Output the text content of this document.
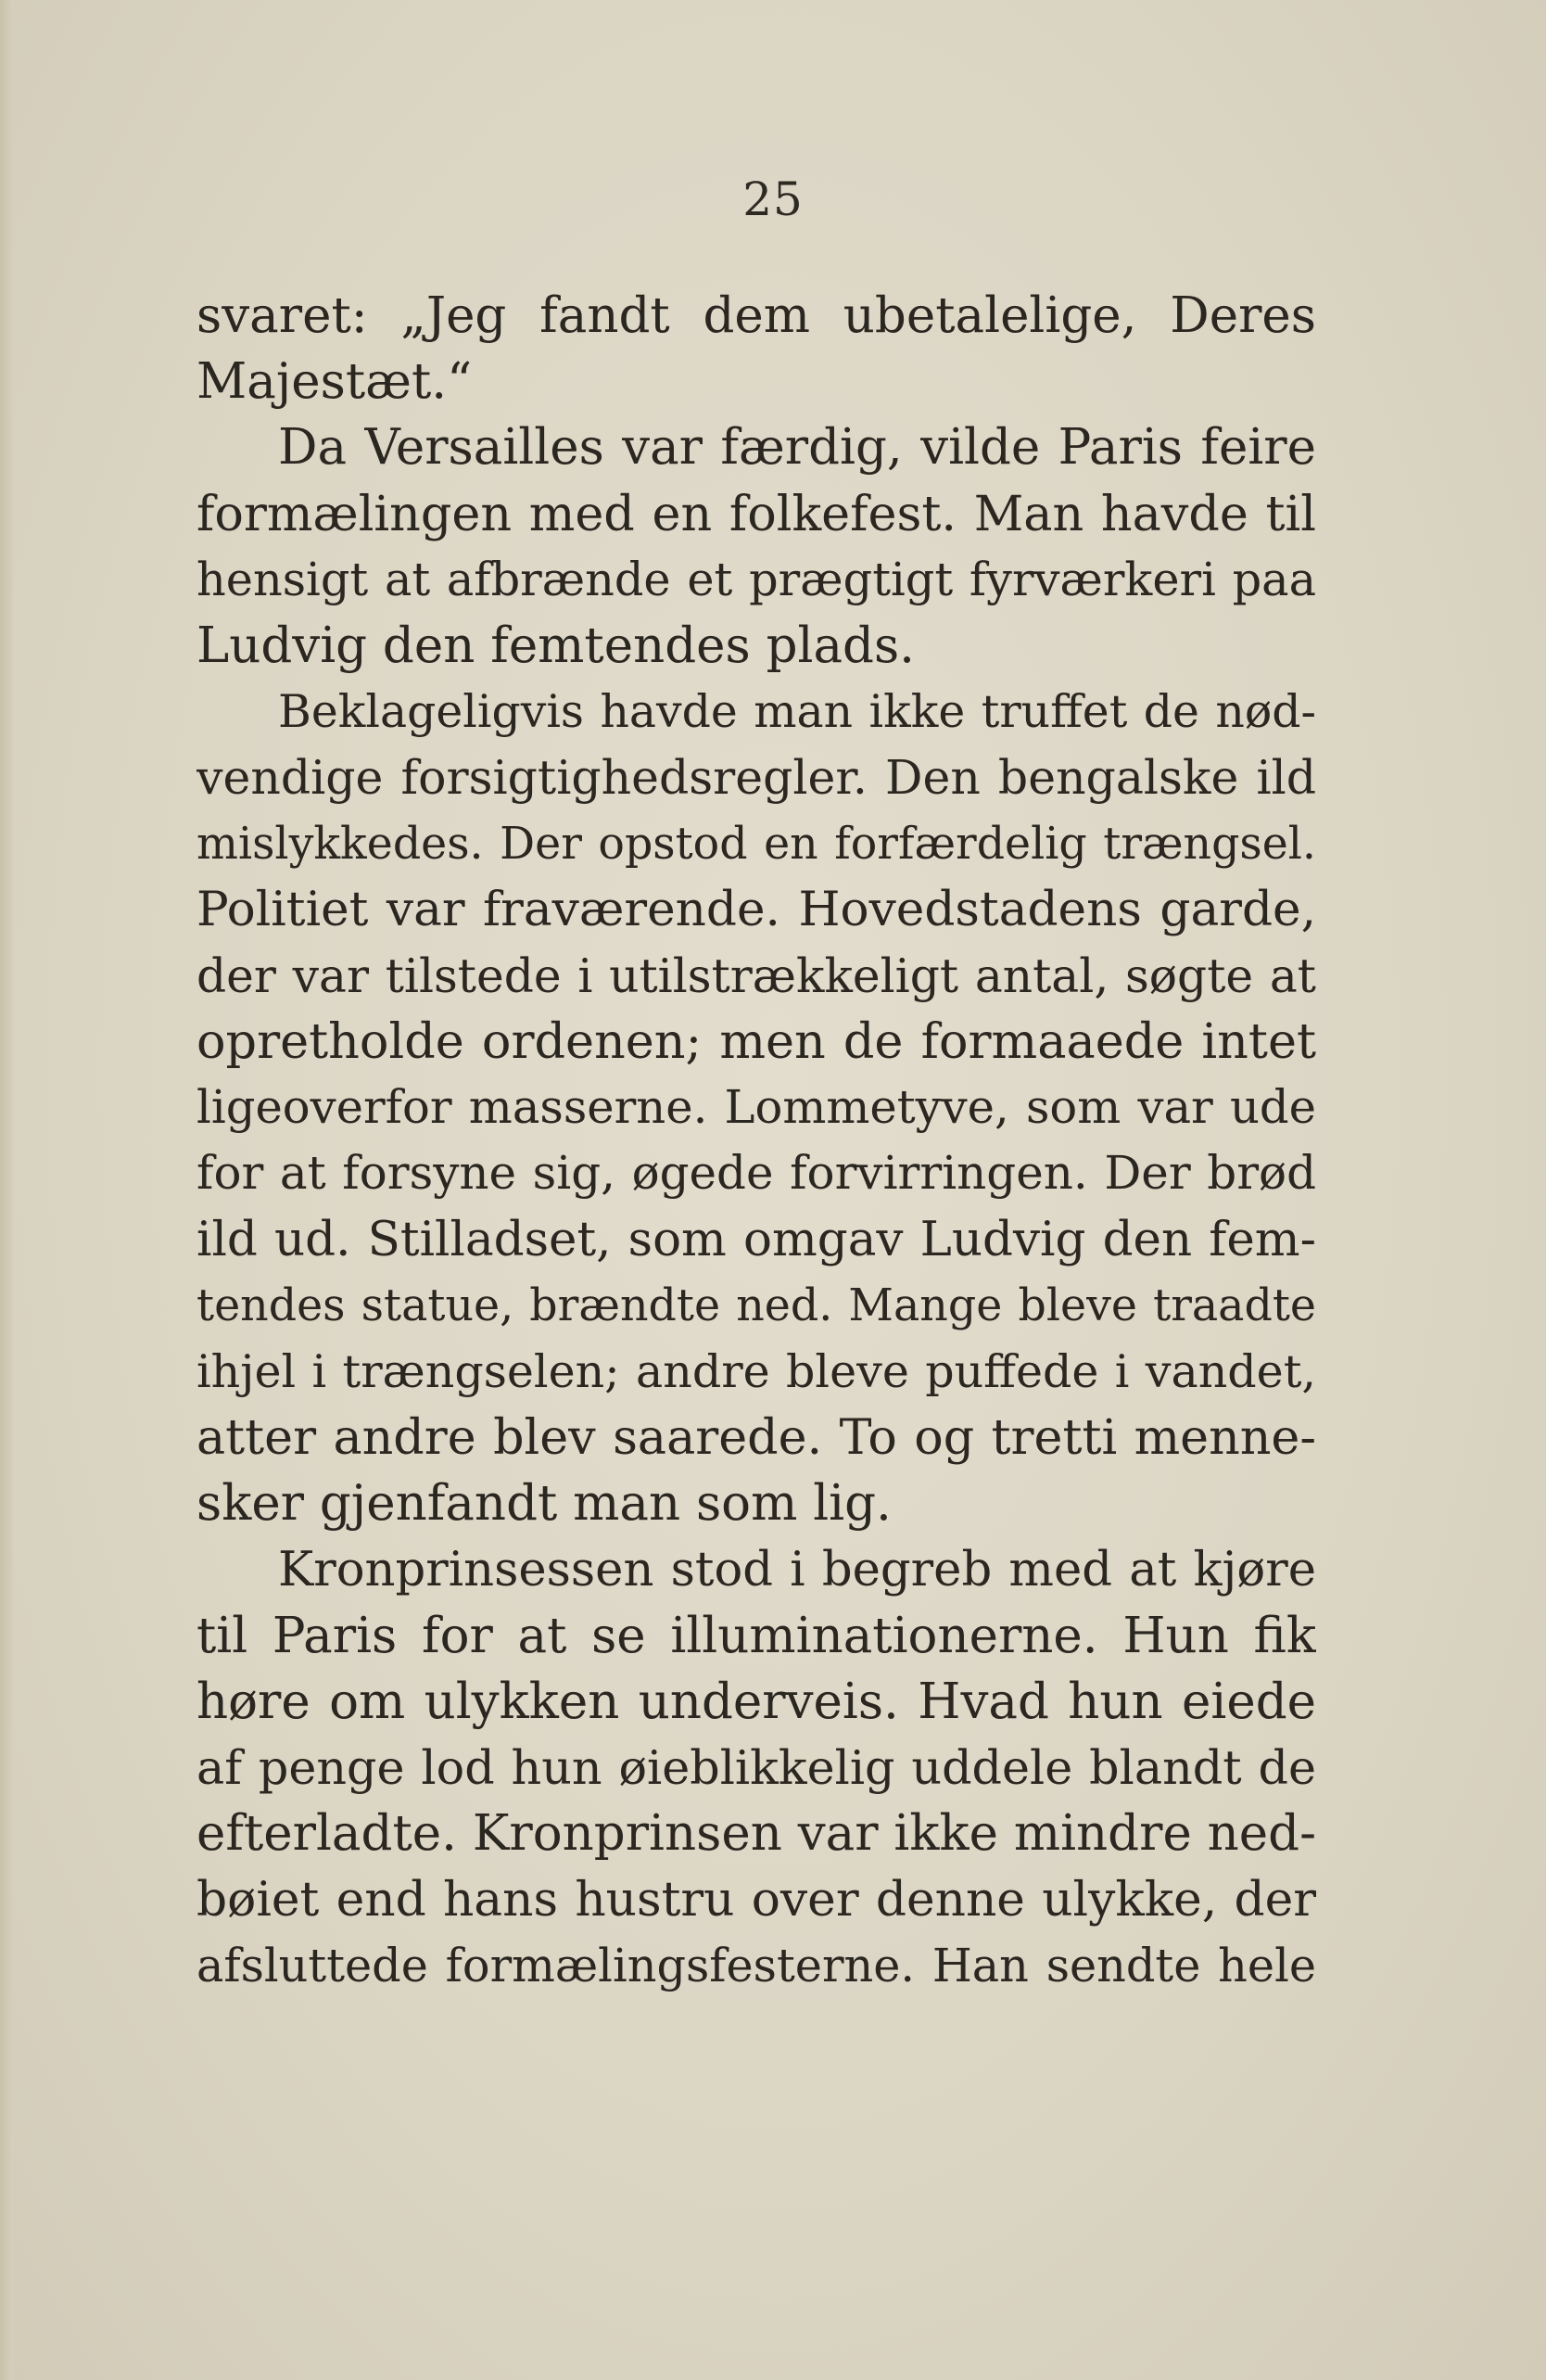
25
svaret: „Jeg fandt dem ubetalelige, Deres
Majestæt.“
Da Versailles var færdig, vilde Paris feire
formælingen med en folkefest. Man havde til
hensigt at afbrænde et prægtigt fyrværkeri paa
Ludvig den femtendes plads.
Beklageligvis havde man ikke truffet de nød-
vendige forsigtighedsregler. Den bengalske ild
mislykkedes. Der opstod en forfærdelig trængsel.
Politiet var fraværende. Hovedstadens garde,
der var tilstede i utilstrækkeligt antal, søgte at
opretholde ordenen; men de formaaede intet
ligeoverfor masserne. Lommetyve, som var ude
for at forsyne sig, øgede forvirringen. Der brød
ild ud. Stilladset, som omgav Ludvig den fem-
tendes statue, brændte ned. Mange bleve traadte
ihjel i trængselen; andre bleve puffede i vandet,
atter andre blev saarede. To og tretti menne-
sker gjenfandt man som lig.
Kronprinsessen stod i begreb med at kjøre
til Paris for at se illuminationerne. Hun fik
høre om ulykken underveis. Hvad hun eiede
af penge lod hun øieblikkelig uddele blandt de
efterladte. Kronprinsen var ikke mindre ned-
bøiet end hans hustru over denne ulykke, der
afsluttede formælingsfesterne. Han sendte hele
